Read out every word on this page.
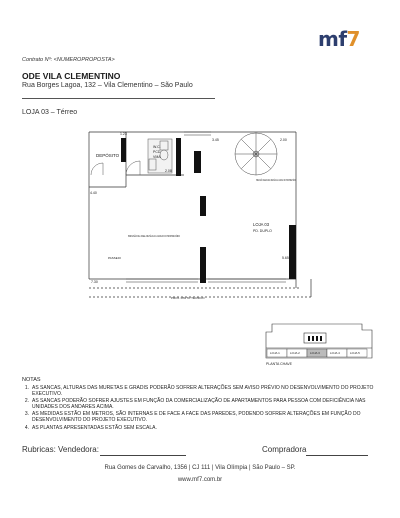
mf7
Contrato Nº: <NUMEROPROPOSTA>
ODE VILA CLEMENTINO
Rua Borges Lagoa, 132 – Vila Clementino – São Paulo
LOJA 03 – Térreo
DEPÓSITO
W.C.
PCD
VMA
LOJA 03
PD. DUPLO
PREVISÃO DE ESCADA METÁLICA A CARGO DO PROPRIETÁRIO
PREVISÃO DE JANEL METÁLICA A CARGO DO PROPRIETÁRIO
PROJ. PAVTO TÉCNICO
PASSEIO
7.30
1.23
3.45	2.00
4.40
2.08
5.65
LOJA 1	LOJA 2	LOJA 3	LOJA 4	LOJA 5
PLANTA CHAVE
NOTAS
1. AS SANCAS, ALTURAS DAS MURETAS E GRADIS PODERÃO SOFRER ALTERAÇÕES SEM AVISO PRÉVIO NO DESENVOLVIMENTO DO PROJETO EXECUTIVO.
2. AS SANCAS PODERÃO SOFRER AJUSTES EM FUNÇÃO DA COMERCIALIZAÇÃO DE APARTAMENTOS PARA PESSOA COM DEFICIÊNCIA NAS UNIDADES DOS ANDARES ACIMA.
3. AS MEDIDAS ESTÃO EM METROS, SÃO INTERNAS E DE FACE A FACE DAS PAREDES, PODENDO SOFRER ALTERAÇÕES EM FUNÇÃO DO DESENVOLVIMENTO DO PROJETO EXECUTIVO.
4. AS PLANTAS APRESENTADAS ESTÃO SEM ESCALA.
Rubricas: Vendedora:	Compradora
Rua Gomes de Carvalho, 1356 | CJ 111 | Vila Olímpia | São Paulo – SP.
www.mf7.com.br
